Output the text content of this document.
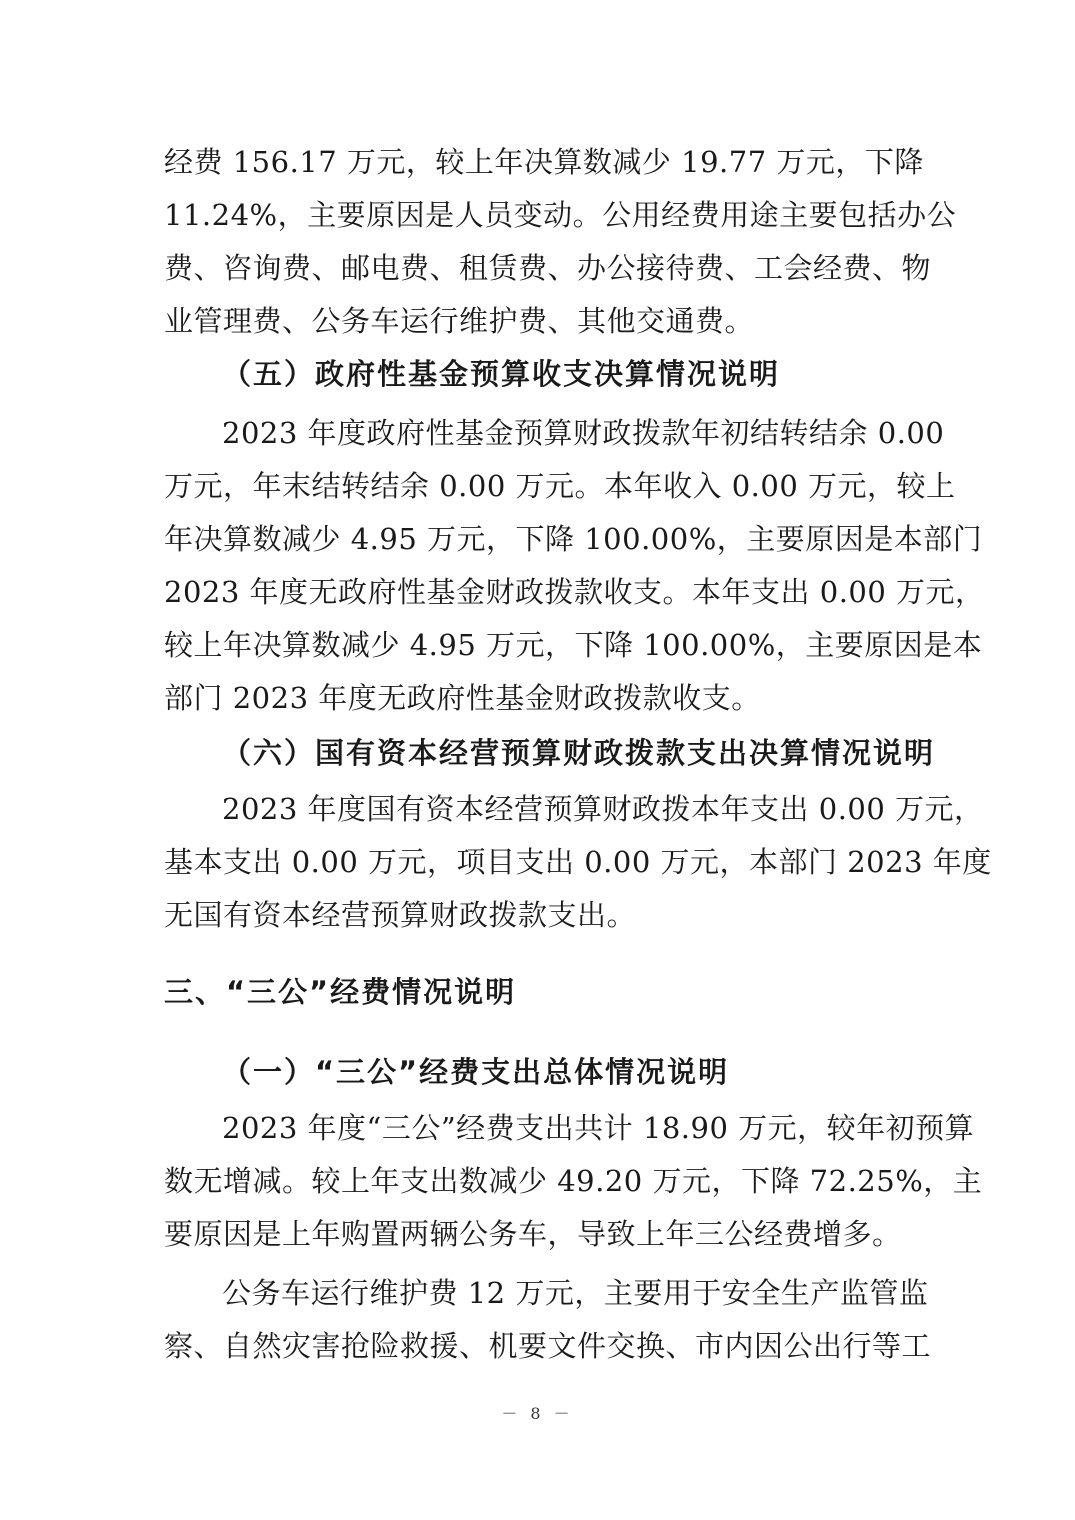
经费 156.17 万元，较上年决算数减少 19.77 万元，下降
11.24%，主要原因是人员变动。公用经费用途主要包括办公
费、咨询费、邮电费、租赁费、办公接待费、工会经费、物
业管理费、公务车运行维护费、其他交通费。
（五）政府性基金预算收支决算情况说明
2023 年度政府性基金预算财政拨款年初结转结余 0.00
万元，年末结转结余 0.00 万元。本年收入 0.00 万元，较上
年决算数减少 4.95 万元，下降 100.00%，主要原因是本部门
2023 年度无政府性基金财政拨款收支。本年支出 0.00 万元，
较上年决算数减少 4.95 万元，下降 100.00%，主要原因是本
部门 2023 年度无政府性基金财政拨款收支。
（六）国有资本经营预算财政拨款支出决算情况说明
2023 年度国有资本经营预算财政拨本年支出 0.00 万元，
基本支出 0.00 万元，项目支出 0.00 万元，本部门 2023 年度
无国有资本经营预算财政拨款支出。
三、“三公”经费情况说明
（一）“三公”经费支出总体情况说明
2023 年度“三公”经费支出共计 18.90 万元，较年初预算
数无增减。较上年支出数减少 49.20 万元，下降 72.25%，主
要原因是上年购置两辆公务车，导致上年三公经费增多。
公务车运行维护费 12 万元，主要用于安全生产监管监
察、自然灾害抢险救援、机要文件交换、市内因公出行等工
－ 8 －
